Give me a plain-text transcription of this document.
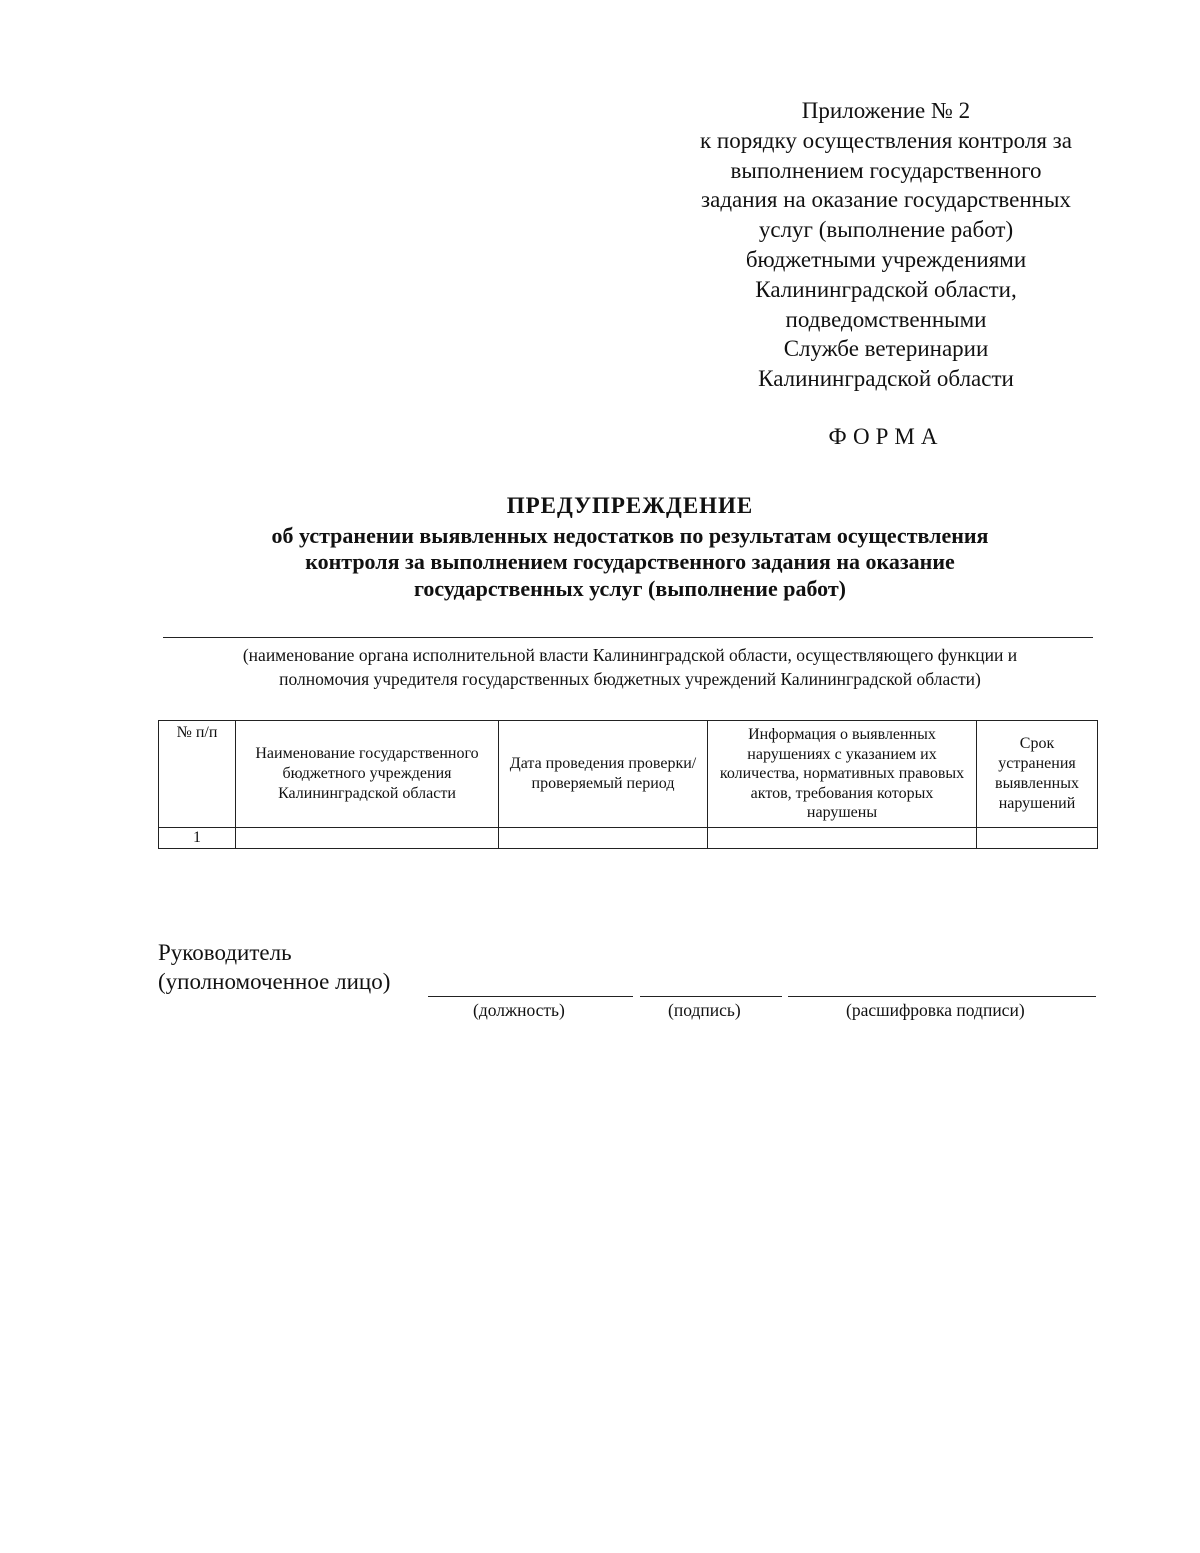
Приложение № 2
к порядку осуществления контроля за
выполнением государственного
задания на оказание государственных
услуг (выполнение работ)
бюджетными учреждениями
Калининградской области,
подведомственными
Службе ветеринарии
Калининградской области
ФОРМА
ПРЕДУПРЕЖДЕНИЕ
об устранении выявленных недостатков по результатам осуществления
контроля за выполнением государственного задания на оказание
государственных услуг (выполнение работ)
(наименование органа исполнительной власти Калининградской области, осуществляющего функции и
полномочия учредителя государственных бюджетных учреждений Калининградской области)
№ п/п	Наименование государственного бюджетного учреждения Калининградской области	Дата проведения проверки/проверяемый период	Информация о выявленных нарушениях с указанием их количества, нормативных правовых актов, требования которых нарушены	Срок устранения выявленных нарушений
1				
Руководитель
(уполномоченное лицо)
(должность)	(подпись)	(расшифровка подписи)
